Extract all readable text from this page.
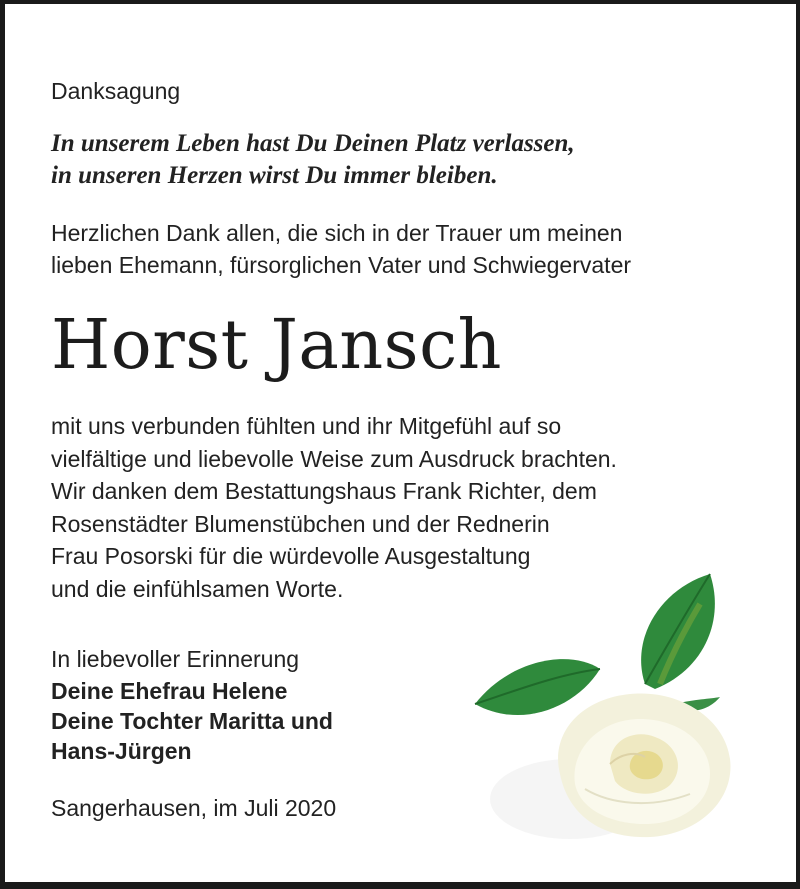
Danksagung
In unserem Leben hast Du Deinen Platz verlassen,
in unseren Herzen wirst Du immer bleiben.
Herzlichen Dank allen, die sich in der Trauer um meinen
lieben Ehemann, fürsorglichen Vater und Schwiegervater
Horst Jansch
mit uns verbunden fühlten und ihr Mitgefühl auf so
vielfältige und liebevolle Weise zum Ausdruck brachten.
Wir danken dem Bestattungshaus Frank Richter, dem
Rosenstädter Blumenstübchen und der Rednerin
Frau Posorski für die würdevolle Ausgestaltung
und die einfühlsamen Worte.
In liebevoller Erinnerung
Deine Ehefrau Helene
Deine Tochter Maritta und
Hans-Jürgen
Sangerhausen, im Juli 2020
